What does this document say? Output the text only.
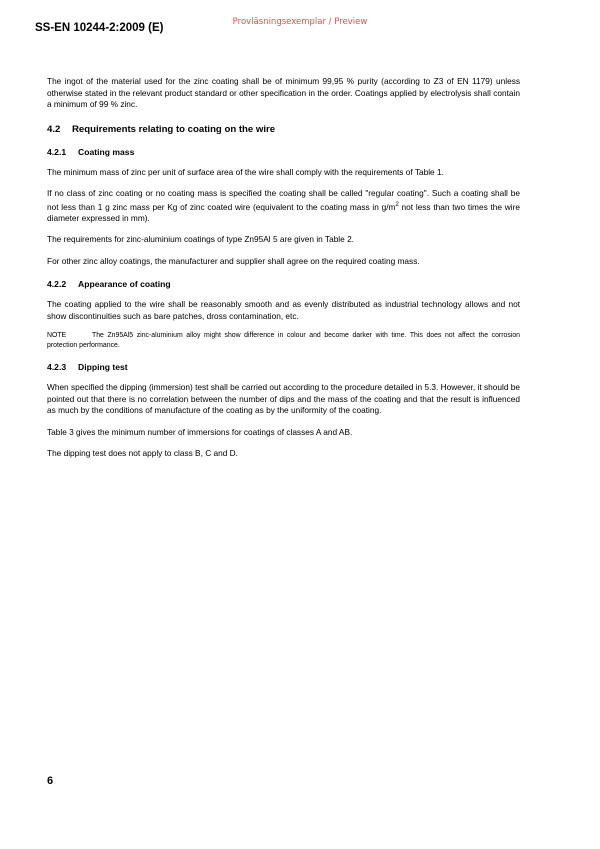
SS-EN 10244-2:2009 (E)	Provläsningsexemplar / Preview

The ingot of the material used for the zinc coating shall be of minimum 99,95 % purity (according to Z3 of EN 1179) unless otherwise stated in the relevant product standard or other specification in the order. Coatings applied by electrolysis shall contain a minimum of 99 % zinc.

4.2	Requirements relating to coating on the wire
4.2.1	Coating mass

The minimum mass of zinc per unit of surface area of the wire shall comply with the requirements of Table 1.

If no class of zinc coating or no coating mass is specified the coating shall be called "regular coating". Such a coating shall be not less than 1 g zinc mass per Kg of zinc coated wire (equivalent to the coating mass in $g/m^2$ not less than two times the wire diameter expressed in mm).

The requirements for zinc-aluminium coatings of type Zn95Al 5 are given in Table 2.

For other zinc alloy coatings, the manufacturer and supplier shall agree on the required coating mass.

4.2.2	Appearance of coating

The coating applied to the wire shall be reasonably smooth and as evenly distributed as industrial technology allows and not show discontinuities such as bare patches, dross contamination, etc.

NOTE	The Zn95Al5 zinc-aluminium alloy might show difference in colour and become darker with time. This does not affect the corrosion protection performance.
4.2.3	Dipping test

When specified the dipping (immersion) test shall be carried out according to the procedure detailed in 5.3. However, it should be pointed out that there is no correlation between the number of dips and the mass of the coating and that the result is influenced as much by the conditions of manufacture of the coating as by the uniformity of the coating.

Table 3 gives the minimum number of immersions for coatings of classes A and AB.

The dipping test does not apply to class B, C and D.

6
